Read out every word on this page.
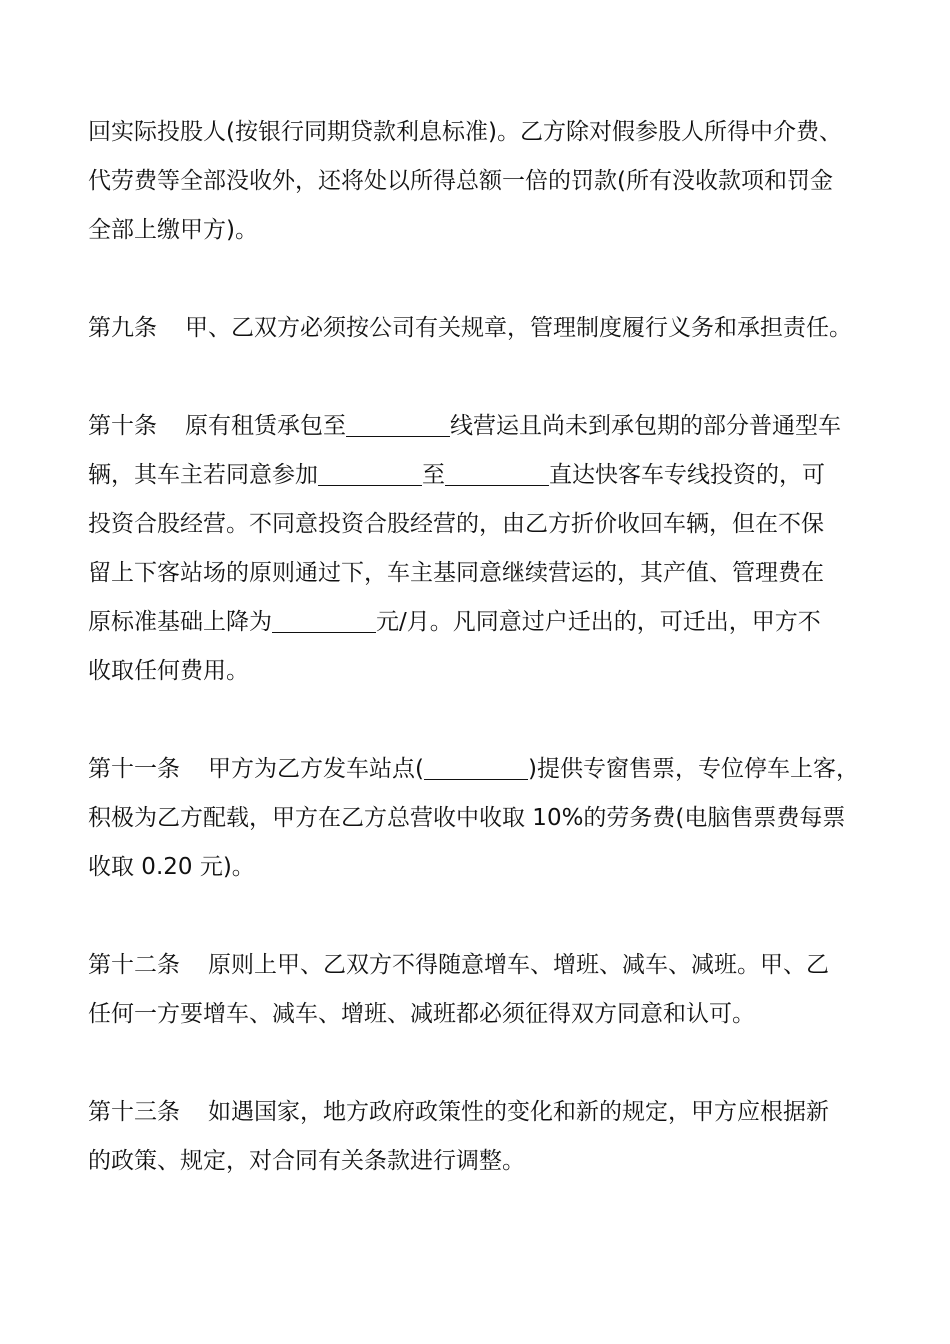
回实际投股人(按银行同期贷款利息标准)。乙方除对假参股人所得中介费、
代劳费等全部没收外，还将处以所得总额一倍的罚款(所有没收款项和罚金
全部上缴甲方)。
第九条 甲、乙双方必须按公司有关规章，管理制度履行义务和承担责任。
第十条 原有租赁承包至	线营运且尚未到承包期的部分普通型车
辆，其车主若同意参加	至	直达快客车专线投资的，可
投资合股经营。不同意投资合股经营的，由乙方折价收回车辆，但在不保
留上下客站场的原则通过下，车主基同意继续营运的，其产值、管理费在
原标准基础上降为	元/月。凡同意过户迁出的，可迁出，甲方不
收取任何费用。
第十一条 甲方为乙方发车站点(	)提供专窗售票，专位停车上客，
积极为乙方配载，甲方在乙方总营收中收取 10%的劳务费(电脑售票费每票
收取 0.20 元)。
第十二条 原则上甲、乙双方不得随意增车、增班、减车、减班。甲、乙
任何一方要增车、减车、增班、减班都必须征得双方同意和认可。
第十三条 如遇国家，地方政府政策性的变化和新的规定，甲方应根据新
的政策、规定，对合同有关条款进行调整。
